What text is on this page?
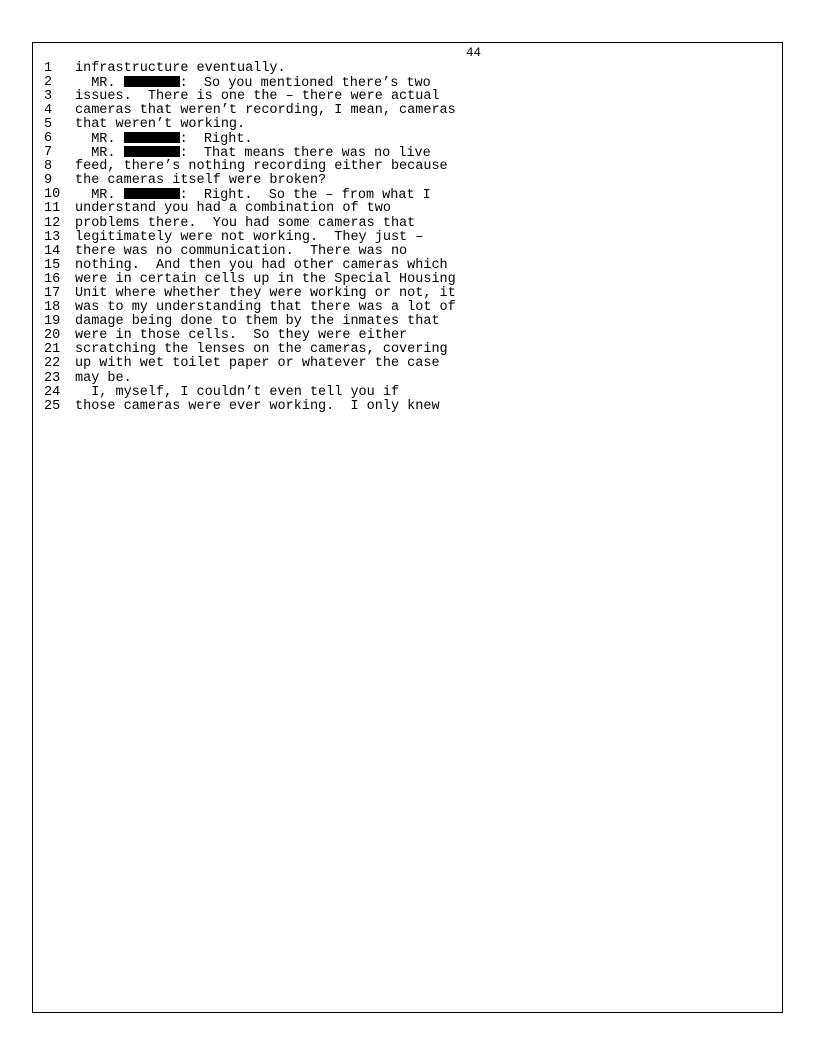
44
1	infrastructure eventually.
2	MR.	:  So you mentioned there’s two
3	issues.  There is one the – there were actual
4	cameras that weren’t recording, I mean, cameras
5	that weren’t working.
6	MR.	:  Right.
7	MR.	:  That means there was no live
8	feed, there’s nothing recording either because
9	the cameras itself were broken?
10	MR.	:  Right.  So the – from what I
11	understand you had a combination of two
12	problems there.  You had some cameras that
13	legitimately were not working.  They just –
14	there was no communication.  There was no
15	nothing.  And then you had other cameras which
16	were in certain cells up in the Special Housing
17	Unit where whether they were working or not, it
18	was to my understanding that there was a lot of
19	damage being done to them by the inmates that
20	were in those cells.  So they were either
21	scratching the lenses on the cameras, covering
22	up with wet toilet paper or whatever the case
23	may be.
24	I, myself, I couldn’t even tell you if
25	those cameras were ever working.  I only knew
